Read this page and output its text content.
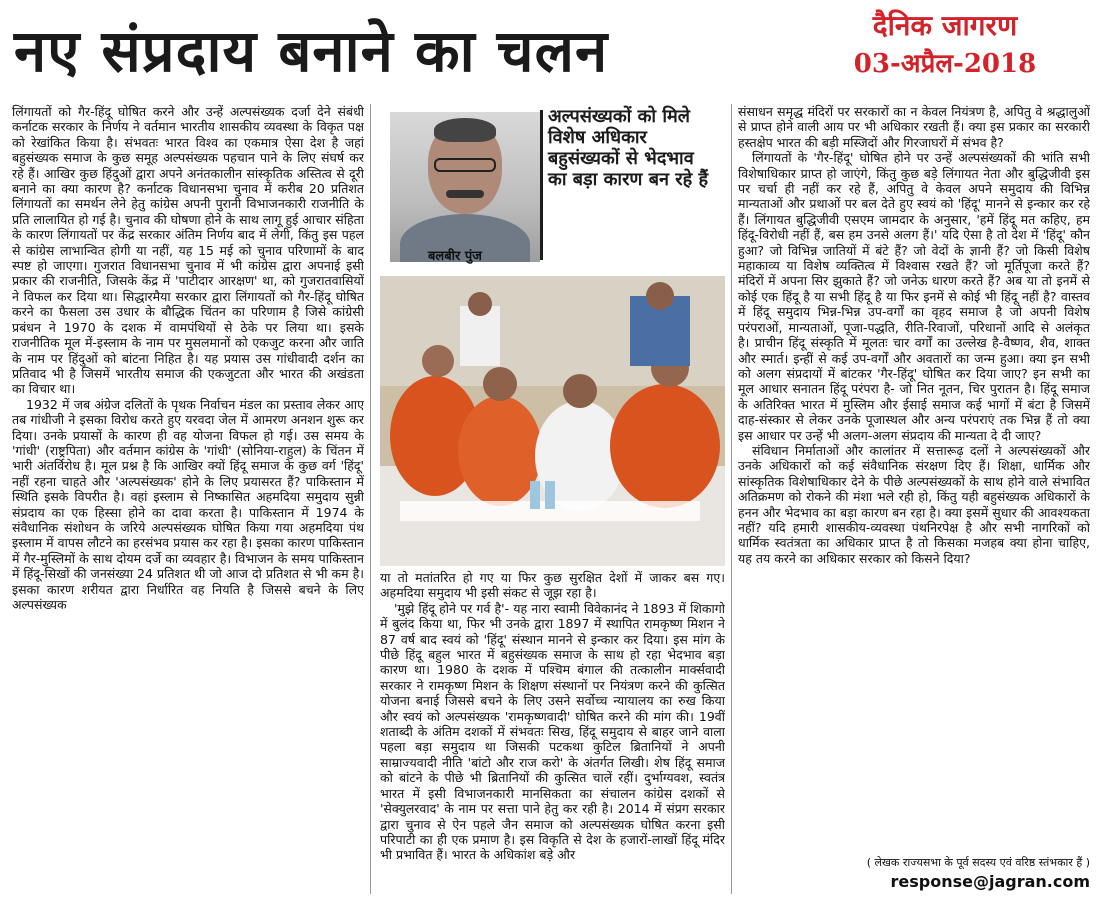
नए संप्रदाय बनाने का चलन	दैनिक जागरण
03-अप्रैल-2018

लिंगायतों को गैर-हिंदू घोषित करने और उन्हें अल्पसंख्यक दर्जा देने संबंधी कर्नाटक सरकार के निर्णय ने वर्तमान भारतीय शासकीय व्यवस्था के विकृत पक्ष को रेखांकित किया है। संभवतः भारत विश्व का एकमात्र ऐसा देश है जहां बहुसंख्यक समाज के कुछ समूह अल्पसंख्यक पहचान पाने के लिए संघर्ष कर रहे हैं। आखिर कुछ हिंदुओं द्वारा अपने अनंतकालीन सांस्कृतिक अस्तित्व से दूरी बनाने का क्या कारण है? कर्नाटक विधानसभा चुनाव में करीब 20 प्रतिशत लिंगायतों का समर्थन लेने हेतु कांग्रेस अपनी पुरानी विभाजनकारी राजनीति के प्रति लालायित हो गई है। चुनाव की घोषणा होने के साथ लागू हुई आचार संहिता के कारण लिंगायतों पर केंद्र सरकार अंतिम निर्णय बाद में लेगी, किंतु इस पहल से कांग्रेस लाभान्वित होगी या नहीं, यह 15 मई को चुनाव परिणामों के बाद स्पष्ट हो जाएगा। गुजरात विधानसभा चुनाव में भी कांग्रेस द्वारा अपनाई इसी प्रकार की राजनीति, जिसके केंद्र में 'पाटीदार आरक्षण' था, को गुजरातवासियों ने विफल कर दिया था। सिद्धारमैया सरकार द्वारा लिंगायतों को गैर-हिंदू घोषित करने का फैसला उस उधार के बौद्धिक चिंतन का परिणाम है जिसे कांग्रेसी प्रबंधन ने 1970 के दशक में वामपंथियों से ठेके पर लिया था। इसके राजनीतिक मूल में-इस्लाम के नाम पर मुसलमानों को एकजुट करना और जाति के नाम पर हिंदुओं को बांटना निहित है। यह प्रयास उस गांधीवादी दर्शन का प्रतिवाद भी है जिसमें भारतीय समाज की एकजुटता और भारत की अखंडता का विचार था।

1932 में जब अंग्रेज दलितों के पृथक निर्वाचन मंडल का प्रस्ताव लेकर आए तब गांधीजी ने इसका विरोध करते हुए यरवदा जेल में आमरण अनशन शुरू कर दिया। उनके प्रयासों के कारण ही वह योजना विफल हो गई। उस समय के 'गांधी' (राष्ट्रपिता) और वर्तमान कांग्रेस के 'गांधी' (सोनिया-राहुल) के चिंतन में भारी अंतर्विरोध है। मूल प्रश्न है कि आखिर क्यों हिंदू समाज के कुछ वर्ग 'हिंदू' नहीं रहना चाहते और 'अल्पसंख्यक' होने के लिए प्रयासरत हैं? पाकिस्तान में स्थिति इसके विपरीत है। वहां इस्लाम से निष्कासित अहमदिया समुदाय सुन्नी संप्रदाय का एक हिस्सा होने का दावा करता है। पाकिस्तान में 1974 के संवैधानिक संशोधन के जरिये अल्पसंख्यक घोषित किया गया अहमदिया पंथ इस्लाम में वापस लौटने का हरसंभव प्रयास कर रहा है। इसका कारण पाकिस्तान में गैर-मुस्लिमों के साथ दोयम दर्जे का व्यवहार है। विभाजन के समय पाकिस्तान में हिंदू-सिखों की जनसंख्या 24 प्रतिशत थी जो आज दो प्रतिशत से भी कम है। इसका कारण शरीयत द्वारा निर्धारित वह नियति है जिससे बचने के लिए अल्पसंख्यक

बलबीर पुंज
अल्पसंख्यकों को मिले विशेष अधिकार बहुसंख्यकों से भेदभाव का बड़ा कारण बन रहे हैं

या तो मतांतरित हो गए या फिर कुछ सुरक्षित देशों में जाकर बस गए। अहमदिया समुदाय भी इसी संकट से जूझ रहा है।

'मुझे हिंदू होने पर गर्व है'- यह नारा स्वामी विवेकानंद ने 1893 में शिकागो में बुलंद किया था, फिर भी उनके द्वारा 1897 में स्थापित रामकृष्ण मिशन ने 87 वर्ष बाद स्वयं को 'हिंदू' संस्थान मानने से इन्कार कर दिया। इस मांग के पीछे हिंदू बहुल भारत में बहुसंख्यक समाज के साथ हो रहा भेदभाव बड़ा कारण था। 1980 के दशक में पश्चिम बंगाल की तत्कालीन मार्क्सवादी सरकार ने रामकृष्ण मिशन के शिक्षण संस्थानों पर नियंत्रण करने की कुत्सित योजना बनाई जिससे बचने के लिए उसने सर्वोच्च न्यायालय का रुख किया और स्वयं को अल्पसंख्यक 'रामकृष्णवादी' घोषित करने की मांग की। 19वीं शताब्दी के अंतिम दशकों में संभवतः सिख, हिंदू समुदाय से बाहर जाने वाला पहला बड़ा समुदाय था जिसकी पटकथा कुटिल ब्रितानियों ने अपनी साम्राज्यवादी नीति 'बांटो और राज करो' के अंतर्गत लिखी। शेष हिंदू समाज को बांटने के पीछे भी ब्रितानियों की कुत्सित चालें रहीं। दुर्भाग्यवश, स्वतंत्र भारत में इसी विभाजनकारी मानसिकता का संचालन कांग्रेस दशकों से 'सेक्युलरवाद' के नाम पर सत्ता पाने हेतु कर रही है। 2014 में संप्रग सरकार द्वारा चुनाव से ऐन पहले जैन समाज को अल्पसंख्यक घोषित करना इसी परिपाटी का ही एक प्रमाण है। इस विकृति से देश के हजारों-लाखों हिंदू मंदिर भी प्रभावित हैं। भारत के अधिकांश बड़े और

संसाधन समृद्ध मंदिरों पर सरकारों का न केवल नियंत्रण है, अपितु वे श्रद्धालुओं से प्राप्त होने वाली आय पर भी अधिकार रखती हैं। क्या इस प्रकार का सरकारी हस्तक्षेप भारत की बड़ी मस्जिदों और गिरजाघरों में संभव है?

लिंगायतों के 'गैर-हिंदू' घोषित होने पर उन्हें अल्पसंख्यकों की भांति सभी विशेषाधिकार प्राप्त हो जाएंगे, किंतु कुछ बड़े लिंगायत नेता और बुद्धिजीवी इस पर चर्चा ही नहीं कर रहे हैं, अपितु वे केवल अपने समुदाय की विभिन्न मान्यताओं और प्रथाओं पर बल देते हुए स्वयं को 'हिंदू' मानने से इन्कार कर रहे हैं। लिंगायत बुद्धिजीवी एसएम जामदार के अनुसार, 'हमें हिंदू मत कहिए, हम हिंदू-विरोधी नहीं हैं, बस हम उनसे अलग हैं।' यदि ऐसा है तो देश में 'हिंदू' कौन हुआ? जो विभिन्न जातियों में बंटे हैं? जो वेदों के ज्ञानी हैं? जो किसी विशेष महाकाव्य या विशेष व्यक्तित्व में विश्वास रखते हैं? जो मूर्तिपूजा करते हैं? मंदिरों में अपना सिर झुकाते हैं? जो जनेऊ धारण करते हैं? अब या तो इनमें से कोई एक हिंदू है या सभी हिंदू है या फिर इनमें से कोई भी हिंदू नहीं है? वास्तव में हिंदू समुदाय भिन्न-भिन्न उप-वर्गों का वृहद समाज है जो अपनी विशेष परंपराओं, मान्यताओं, पूजा-पद्धति, रीति-रिवाजों, परिधानों आदि से अलंकृत है। प्राचीन हिंदू संस्कृति में मूलतः चार वर्गों का उल्लेख है-वैष्णव, शैव, शाक्त और स्मार्त। इन्हीं से कई उप-वर्गों और अवतारों का जन्म हुआ। क्या इन सभी को अलग संप्रदायों में बांटकर 'गैर-हिंदू' घोषित कर दिया जाए? इन सभी का मूल आधार सनातन हिंदू परंपरा है- जो नित नूतन, चिर पुरातन है। हिंदू समाज के अतिरिक्त भारत में मुस्लिम और ईसाई समाज कई भागों में बंटा है जिसमें दाह-संस्कार से लेकर उनके पूजास्थल और अन्य परंपराएं तक भिन्न हैं तो क्या इस आधार पर उन्हें भी अलग-अलग संप्रदाय की मान्यता दे दी जाए?

संविधान निर्माताओं और कालांतर में सत्तारूढ़ दलों ने अल्पसंख्यकों और उनके अधिकारों को कई संवैधानिक संरक्षण दिए हैं। शिक्षा, धार्मिक और सांस्कृतिक विशेषाधिकार देने के पीछे अल्पसंख्यकों के साथ होने वाले संभावित अतिक्रमण को रोकने की मंशा भले रही हो, किंतु यही बहुसंख्यक अधिकारों के हनन और भेदभाव का बड़ा कारण बन रहा है। क्या इसमें सुधार की आवश्यकता नहीं? यदि हमारी शासकीय-व्यवस्था पंथनिरपेक्ष है और सभी नागरिकों को धार्मिक स्वतंत्रता का अधिकार प्राप्त है तो किसका मजहब क्या होना चाहिए, यह तय करने का अधिकार सरकार को किसने दिया?

( लेखक राज्यसभा के पूर्व सदस्य एवं वरिष्ठ स्तंभकार हैं )
response@jagran.com
